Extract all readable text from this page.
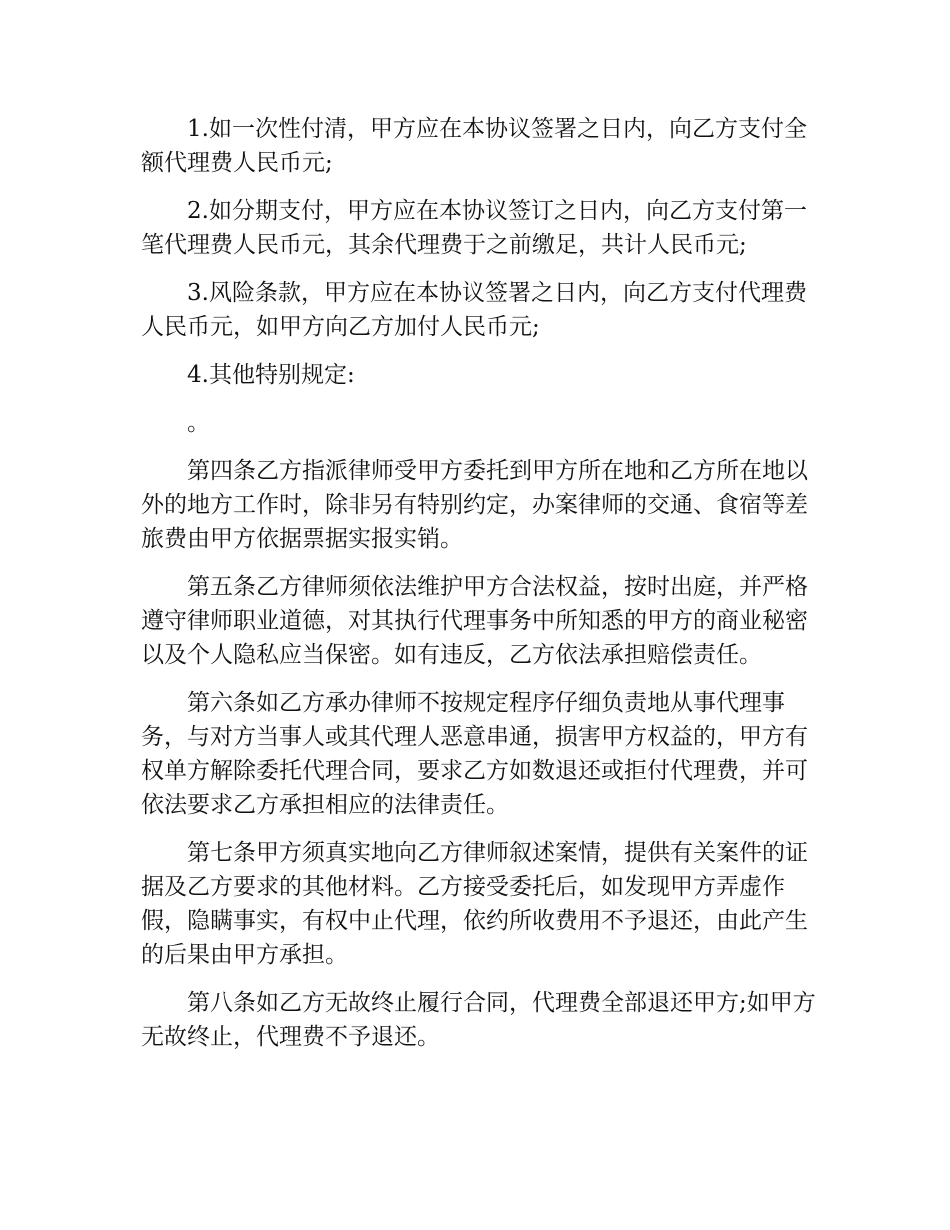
1.如一次性付清，甲方应在本协议签署之日内，向乙方支付全额代理费人民币元;

2.如分期支付，甲方应在本协议签订之日内，向乙方支付第一笔代理费人民币元，其余代理费于之前缴足，共计人民币元;

3.风险条款，甲方应在本协议签署之日内，向乙方支付代理费人民币元，如甲方向乙方加付人民币元;

4.其他特别规定:

。

第四条乙方指派律师受甲方委托到甲方所在地和乙方所在地以外的地方工作时，除非另有特别约定，办案律师的交通、食宿等差旅费由甲方依据票据实报实销。

第五条乙方律师须依法维护甲方合法权益，按时出庭，并严格遵守律师职业道德，对其执行代理事务中所知悉的甲方的商业秘密以及个人隐私应当保密。如有违反，乙方依法承担赔偿责任。

第六条如乙方承办律师不按规定程序仔细负责地从事代理事务，与对方当事人或其代理人恶意串通，损害甲方权益的，甲方有权单方解除委托代理合同，要求乙方如数退还或拒付代理费，并可依法要求乙方承担相应的法律责任。

第七条甲方须真实地向乙方律师叙述案情，提供有关案件的证据及乙方要求的其他材料。乙方接受委托后，如发现甲方弄虚作假，隐瞒事实，有权中止代理，依约所收费用不予退还，由此产生的后果由甲方承担。

第八条如乙方无故终止履行合同，代理费全部退还甲方;如甲方无故终止，代理费不予退还。
